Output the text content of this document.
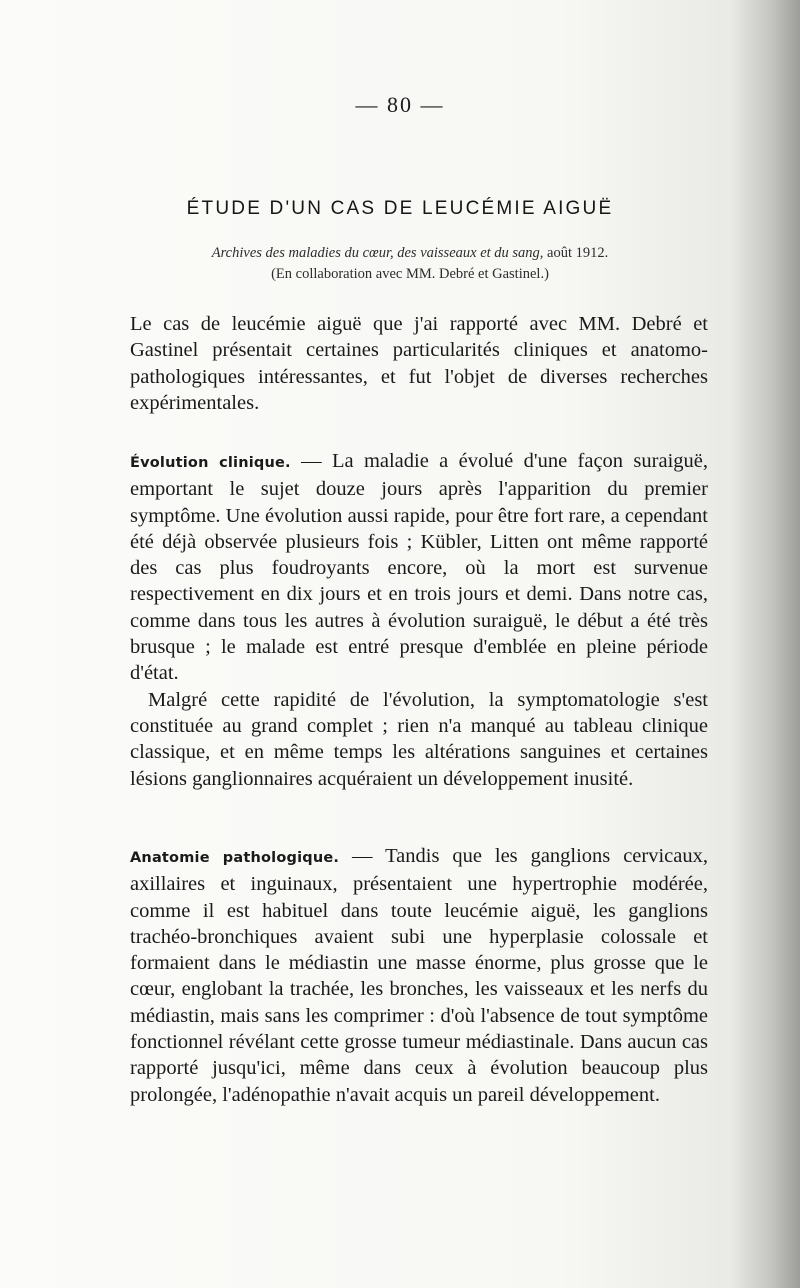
— 80 —
ÉTUDE D'UN CAS DE LEUCÉMIE AIGUË
Archives des maladies du cœur, des vaisseaux et du sang, août 1912.
(En collaboration avec MM. Debré et Gastinel.)

Le cas de leucémie aiguë que j'ai rapporté avec MM. Debré et Gastinel présentait certaines particularités cliniques et anatomo-pathologiques intéressantes, et fut l'objet de diverses recherches expérimentales.

Évolution clinique. — La maladie a évolué d'une façon suraiguë, emportant le sujet douze jours après l'apparition du premier symptôme. Une évolution aussi rapide, pour être fort rare, a cependant été déjà observée plusieurs fois ; Kübler, Litten ont même rapporté des cas plus foudroyants encore, où la mort est survenue respectivement en dix jours et en trois jours et demi. Dans notre cas, comme dans tous les autres à évolution suraiguë, le début a été très brusque ; le malade est entré presque d'emblée en pleine période d'état.

Malgré cette rapidité de l'évolution, la symptomatologie s'est constituée au grand complet ; rien n'a manqué au tableau clinique classique, et en même temps les altérations sanguines et certaines lésions ganglionnaires acquéraient un développement inusité.

Anatomie pathologique. — Tandis que les ganglions cervicaux, axillaires et inguinaux, présentaient une hypertrophie modérée, comme il est habituel dans toute leucémie aiguë, les ganglions trachéo-bronchiques avaient subi une hyperplasie colossale et formaient dans le médiastin une masse énorme, plus grosse que le cœur, englobant la trachée, les bronches, les vaisseaux et les nerfs du médiastin, mais sans les comprimer : d'où l'absence de tout symptôme fonctionnel révélant cette grosse tumeur médiastinale. Dans aucun cas rapporté jusqu'ici, même dans ceux à évolution beaucoup plus prolongée, l'adénopathie n'avait acquis un pareil développement.
